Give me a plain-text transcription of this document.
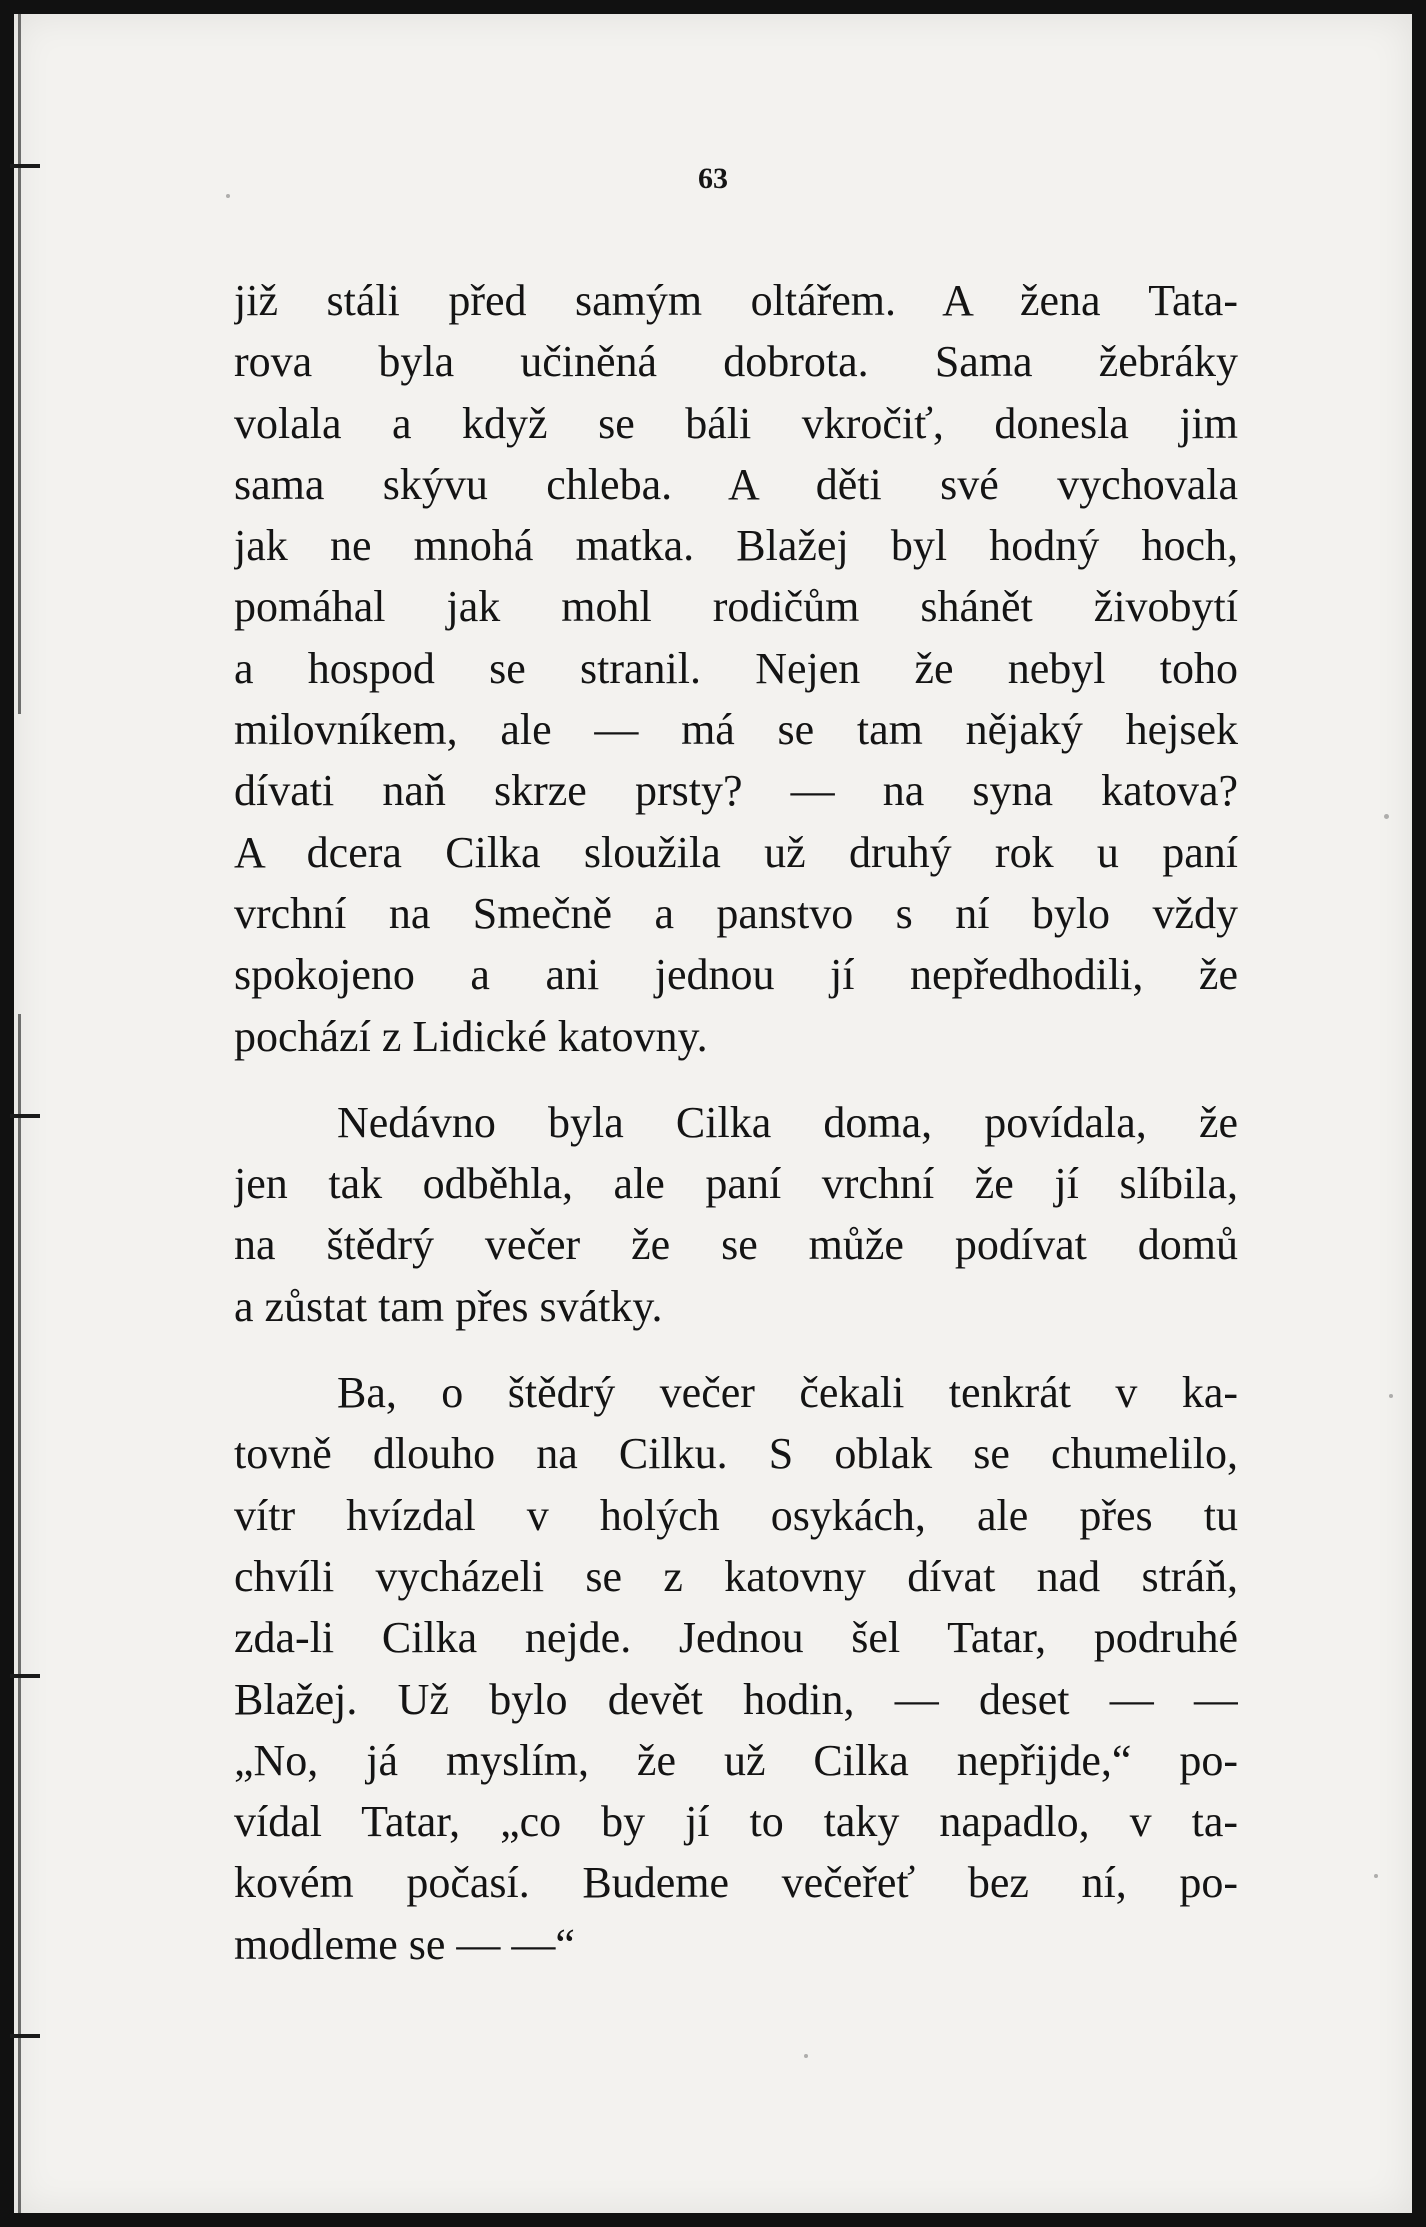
63
již stáli před samým oltářem. A žena Tata-
rova byla učiněná dobrota. Sama žebráky
volala a když se báli vkročiť, donesla jim
sama skývu chleba. A děti své vychovala
jak ne mnohá matka. Blažej byl hodný hoch,
pomáhal jak mohl rodičům shánět živobytí
a hospod se stranil. Nejen že nebyl toho
milovníkem, ale — má se tam nějaký hejsek
dívati naň skrze prsty? — na syna katova?
A dcera Cilka sloužila už druhý rok u paní
vrchní na Smečně a panstvo s ní bylo vždy
spokojeno a ani jednou jí nepředhodili, že
pochází z Lidické katovny.
Nedávno byla Cilka doma, povídala, že
jen tak odběhla, ale paní vrchní že jí slíbila,
na štědrý večer že se může podívat domů
a zůstat tam přes svátky.
Ba, o štědrý večer čekali tenkrát v ka-
tovně dlouho na Cilku. S oblak se chumelilo,
vítr hvízdal v holých osykách, ale přes tu
chvíli vycházeli se z katovny dívat nad stráň,
zda-li Cilka nejde. Jednou šel Tatar, podruhé
Blažej. Už bylo devět hodin, — deset — —
„No, já myslím, že už Cilka nepřijde,“ po-
vídal Tatar, „co by jí to taky napadlo, v ta-
kovém počasí. Budeme večeřeť bez ní, po-
modleme se — —“
